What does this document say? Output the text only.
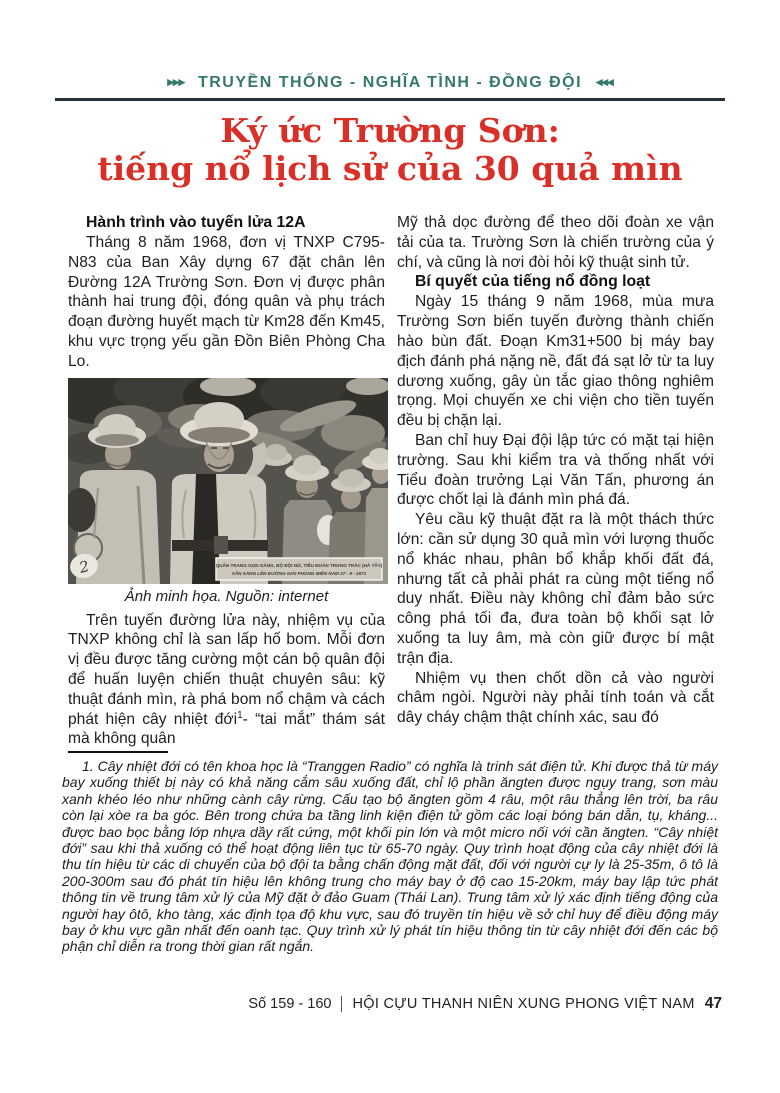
▸▸▸ TRUYỀN THỐNG - NGHĨA TÌNH - ĐỒNG ĐỘI ◂◂◂
Ký ức Trường Sơn:
tiếng nổ lịch sử của 30 quả mìn
Hành trình vào tuyến lửa 12A

Tháng 8 năm 1968, đơn vị TNXP C795-N83 của Ban Xây dựng 67 đặt chân lên Đường 12A Trường Sơn. Đơn vị được phân thành hai trung đội, đóng quân và phụ trách đoạn đường huyết mạch từ Km28 đến Km45, khu vực trọng yếu gần Đồn Biên Phòng Cha Lo.

QUÂN TRANG GỌN GÀNG, BỘ ĐỘI NỮ, TIỂU ĐOÀN TRƯNG TRẮC (HÀ TÂY)
SẴN SÀNG LÊN ĐƯỜNG GIẢI PHÓNG MIỀN NAM 27 - 9 - 1971
2
Ảnh minh họa. Nguồn: internet

Trên tuyến đường lửa này, nhiệm vụ của TNXP không chỉ là san lấp hố bom. Mỗi đơn vị đều được tăng cường một cán bộ quân đội để huấn luyện chiến thuật chuyên sâu: kỹ thuật đánh mìn, rà phá bom nổ chậm và cách phát hiện cây nhiệt đới$^1$- “tai mắt” thám sát mà không quân

Mỹ thả dọc đường để theo dõi đoàn xe vận tải của ta. Trường Sơn là chiến trường của ý chí, và cũng là nơi đòi hỏi kỹ thuật sinh tử.

Bí quyết của tiếng nổ đồng loạt

Ngày 15 tháng 9 năm 1968, mùa mưa Trường Sơn biến tuyến đường thành chiến hào bùn đất. Đoạn Km31+500 bị máy bay địch đánh phá nặng nề, đất đá sạt lở từ ta luy dương xuống, gây ùn tắc giao thông nghiêm trọng. Mọi chuyến xe chi viện cho tiền tuyến đều bị chặn lại.

Ban chỉ huy Đại đội lập tức có mặt tại hiện trường. Sau khi kiểm tra và thống nhất với Tiểu đoàn trưởng Lại Văn Tấn, phương án được chốt lại là đánh mìn phá đá.

Yêu cầu kỹ thuật đặt ra là một thách thức lớn: cần sử dụng 30 quả mìn với lượng thuốc nổ khác nhau, phân bổ khắp khối đất đá, nhưng tất cả phải phát ra cùng một tiếng nổ duy nhất. Điều này không chỉ đảm bảo sức công phá tối đa, đưa toàn bộ khối sạt lở xuống ta luy âm, mà còn giữ được bí mật trận địa.

Nhiệm vụ then chốt dồn cả vào người châm ngòi. Người này phải tính toán và cắt dây cháy chậm thật chính xác, sau đó

1. Cây nhiệt đới có tên khoa học là “Tranggen Radio” có nghĩa là trinh sát điện tử. Khi được thả từ máy bay xuống thiết bị này có khả năng cắm sâu xuống đất, chỉ lộ phần ăngten được ngụy trang, sơn màu xanh khéo léo như những cành cây rừng. Cấu tạo bộ ăngten gồm 4 râu, một râu thẳng lên trời, ba râu còn lại xòe ra ba góc. Bên trong chứa ba tầng linh kiện điện tử gồm các loại bóng bán dẫn, tụ, kháng... được bao bọc bằng lớp nhựa dầy rất cứng, một khối pin lớn và một micro nối với cần ăngten. “Cây nhiệt đới” sau khi thả xuống có thể hoạt động liên tục từ 65-70 ngày. Quy trình hoạt động của cây nhiệt đới là thu tín hiệu từ các di chuyển của bộ đội ta bằng chấn động mặt đất, đối với người cự ly là 25-35m, ô tô là 200-300m sau đó phát tín hiệu lên không trung cho máy bay ở độ cao 15-20km, máy bay lập tức phát thông tin về trung tâm xử lý của Mỹ đặt ở đảo Guam (Thái Lan). Trung tâm xử lý xác định tiếng động của người hay ôtô, kho tàng, xác định tọa độ khu vực, sau đó truyền tín hiệu về sở chỉ huy để điều động máy bay ở khu vực gần nhất đến oanh tạc. Quy trình xử lý phát tín hiệu thông tin từ cây nhiệt đới đến các bộ phận chỉ diễn ra trong thời gian rất ngắn.

Số 159 - 160 HỘI CỰU THANH NIÊN XUNG PHONG VIỆT NAM 47
